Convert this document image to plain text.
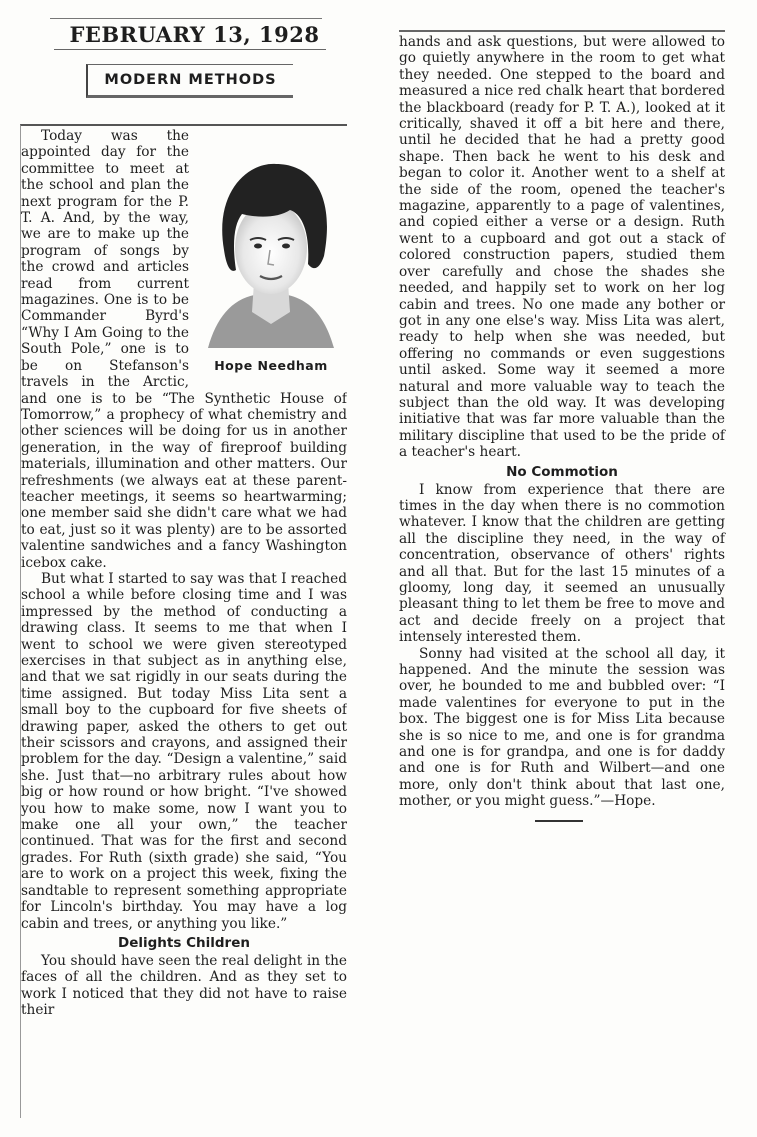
FEBRUARY 13, 1928
MODERN METHODS
Hope Needham

Today was the appointed day for the committee to meet at the school and plan the next program for the P. T. A. And, by the way, we are to make up the program of songs by the crowd and articles read from current magazines. One is to be Commander Byrd's “Why I Am Going to the South Pole,” one is to be on Stefanson's travels in the Arctic, and one is to be “The Synthetic House of Tomorrow,” a prophecy of what chemistry and other sciences will be doing for us in another generation, in the way of fireproof building materials, illumination and other matters. Our refreshments (we always eat at these parent-teacher meetings, it seems so heartwarming; one member said she didn't care what we had to eat, just so it was plenty) are to be assorted valentine sandwiches and a fancy Washington icebox cake.

But what I started to say was that I reached school a while before closing time and I was impressed by the method of conducting a drawing class. It seems to me that when I went to school we were given stereotyped exercises in that subject as in anything else, and that we sat rigidly in our seats during the time assigned. But today Miss Lita sent a small boy to the cupboard for five sheets of drawing paper, asked the others to get out their scissors and crayons, and assigned their problem for the day. “Design a valentine,” said she. Just that—no arbitrary rules about how big or how round or how bright. “I've showed you how to make some, now I want you to make one all your own,” the teacher continued. That was for the first and second grades. For Ruth (sixth grade) she said, “You are to work on a project this week, fixing the sandtable to represent something appropriate for Lincoln's birthday. You may have a log cabin and trees, or anything you like.”

Delights Children

You should have seen the real delight in the faces of all the children. And as they set to work I noticed that they did not have to raise their

hands and ask questions, but were allowed to go quietly anywhere in the room to get what they needed. One stepped to the board and measured a nice red chalk heart that bordered the blackboard (ready for P. T. A.), looked at it critically, shaved it off a bit here and there, until he decided that he had a pretty good shape. Then back he went to his desk and began to color it. Another went to a shelf at the side of the room, opened the teacher's magazine, apparently to a page of valentines, and copied either a verse or a design. Ruth went to a cupboard and got out a stack of colored construction papers, studied them over carefully and chose the shades she needed, and happily set to work on her log cabin and trees. No one made any bother or got in any one else's way. Miss Lita was alert, ready to help when she was needed, but offering no commands or even suggestions until asked. Some way it seemed a more natural and more valuable way to teach the subject than the old way. It was developing initiative that was far more valuable than the military discipline that used to be the pride of a teacher's heart.

No Commotion

I know from experience that there are times in the day when there is no commotion whatever. I know that the children are getting all the discipline they need, in the way of concentration, observance of others' rights and all that. But for the last 15 minutes of a gloomy, long day, it seemed an unusually pleasant thing to let them be free to move and act and decide freely on a project that intensely interested them.

Sonny had visited at the school all day, it happened. And the minute the session was over, he bounded to me and bubbled over: “I made valentines for everyone to put in the box. The biggest one is for Miss Lita because she is so nice to me, and one is for grandma and one is for grandpa, and one is for daddy and one is for Ruth and Wilbert—and one more, only don't think about that last one, mother, or you might guess.”—Hope.
